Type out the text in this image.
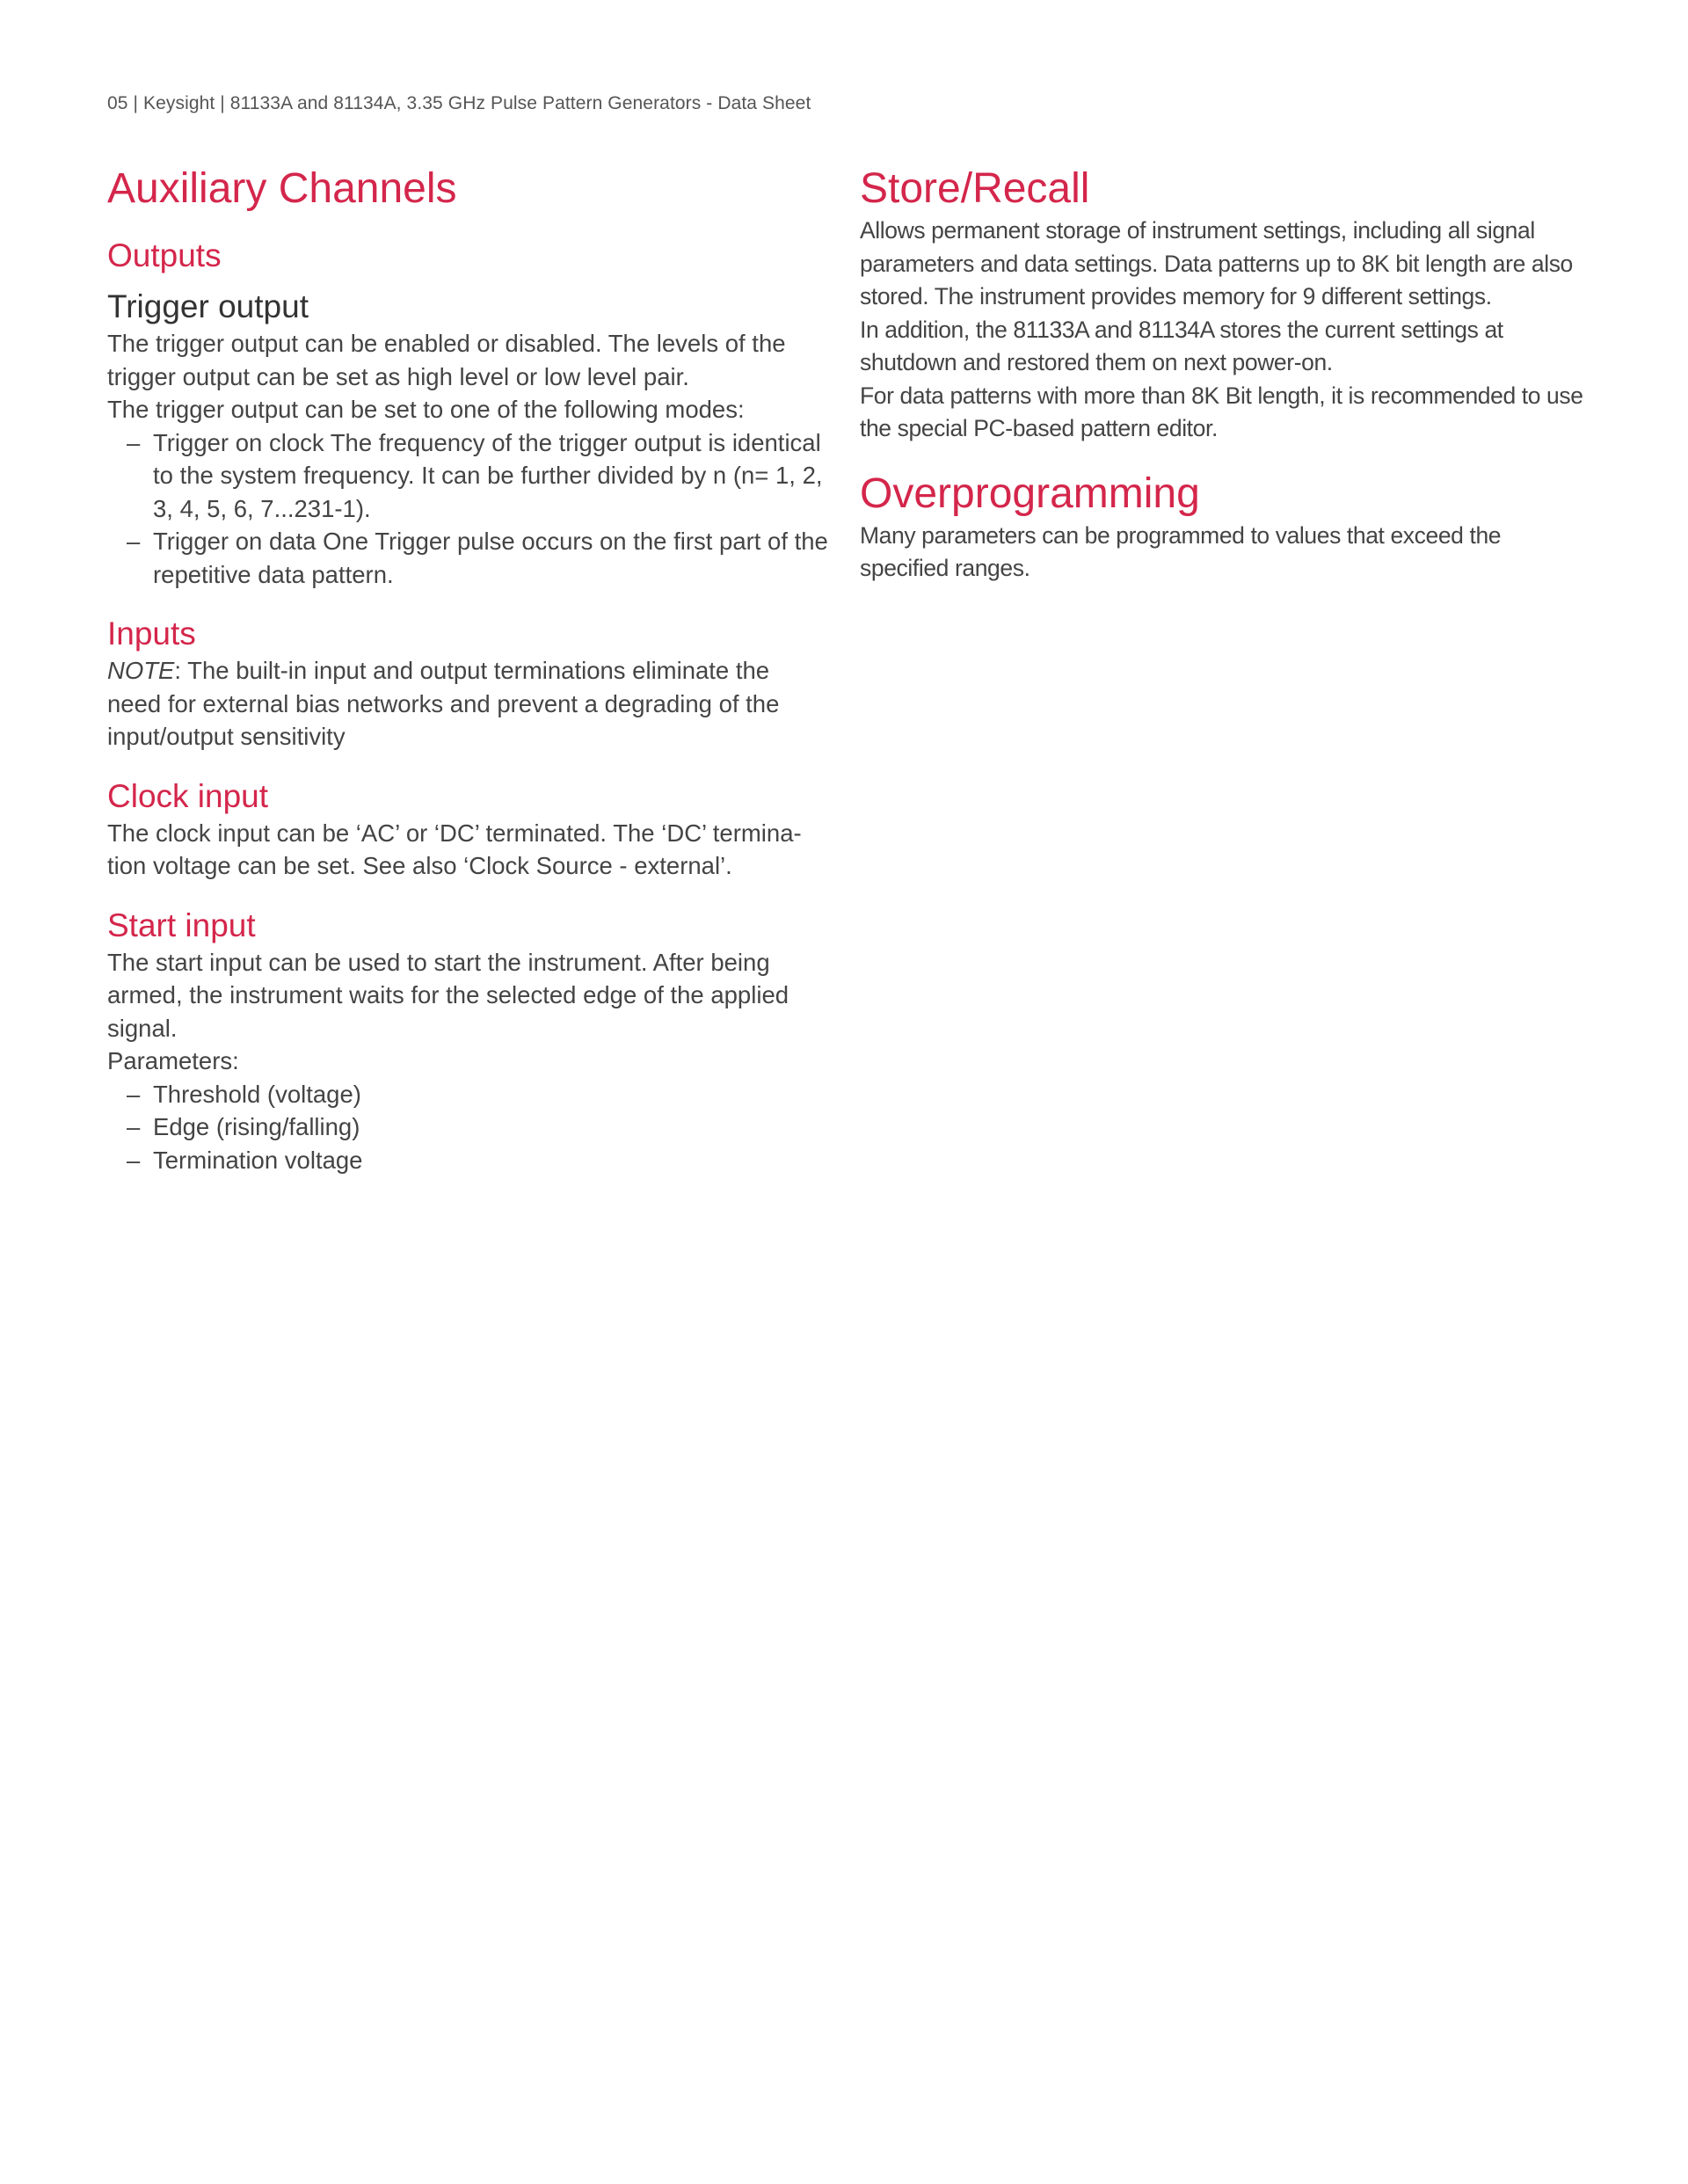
05 | Keysight | 81133A and 81134A, 3.35 GHz Pulse Pattern Generators - Data Sheet
Auxiliary Channels
Outputs
Trigger output

The trigger output can be enabled or disabled. The levels of the trigger output can be set as high level or low level pair.

The trigger output can be set to one of the following modes:

– Trigger on clock The frequency of the trigger output is identical to the system frequency. It can be further divided by n (n= 1, 2, 3, 4, 5, 6, 7...231-1).
– Trigger on data One Trigger pulse occurs on the first part of the repetitive data pattern.
Inputs

NOTE: The built-in input and output terminations eliminate the need for external bias networks and prevent a degrading of the input/output sensitivity

Clock input

The clock input can be ‘AC’ or ‘DC’ terminated. The ‘DC’ termina- tion voltage can be set. See also ‘Clock Source - external’.

Start input

The start input can be used to start the instrument. After being armed, the instrument waits for the selected edge of the applied signal.

Parameters:

– Threshold (voltage)
– Edge (rising/falling)
– Termination voltage
Store/Recall

Allows permanent storage of instrument settings, including all signal parameters and data settings. Data patterns up to 8K bit length are also stored. The instrument provides memory for 9 different settings.

In addition, the 81133A and 81134A stores the current settings at shutdown and restored them on next power-on.

For data patterns with more than 8K Bit length, it is recommended to use the special PC-based pattern editor.

Overprogramming

Many parameters can be programmed to values that exceed the specified ranges.
